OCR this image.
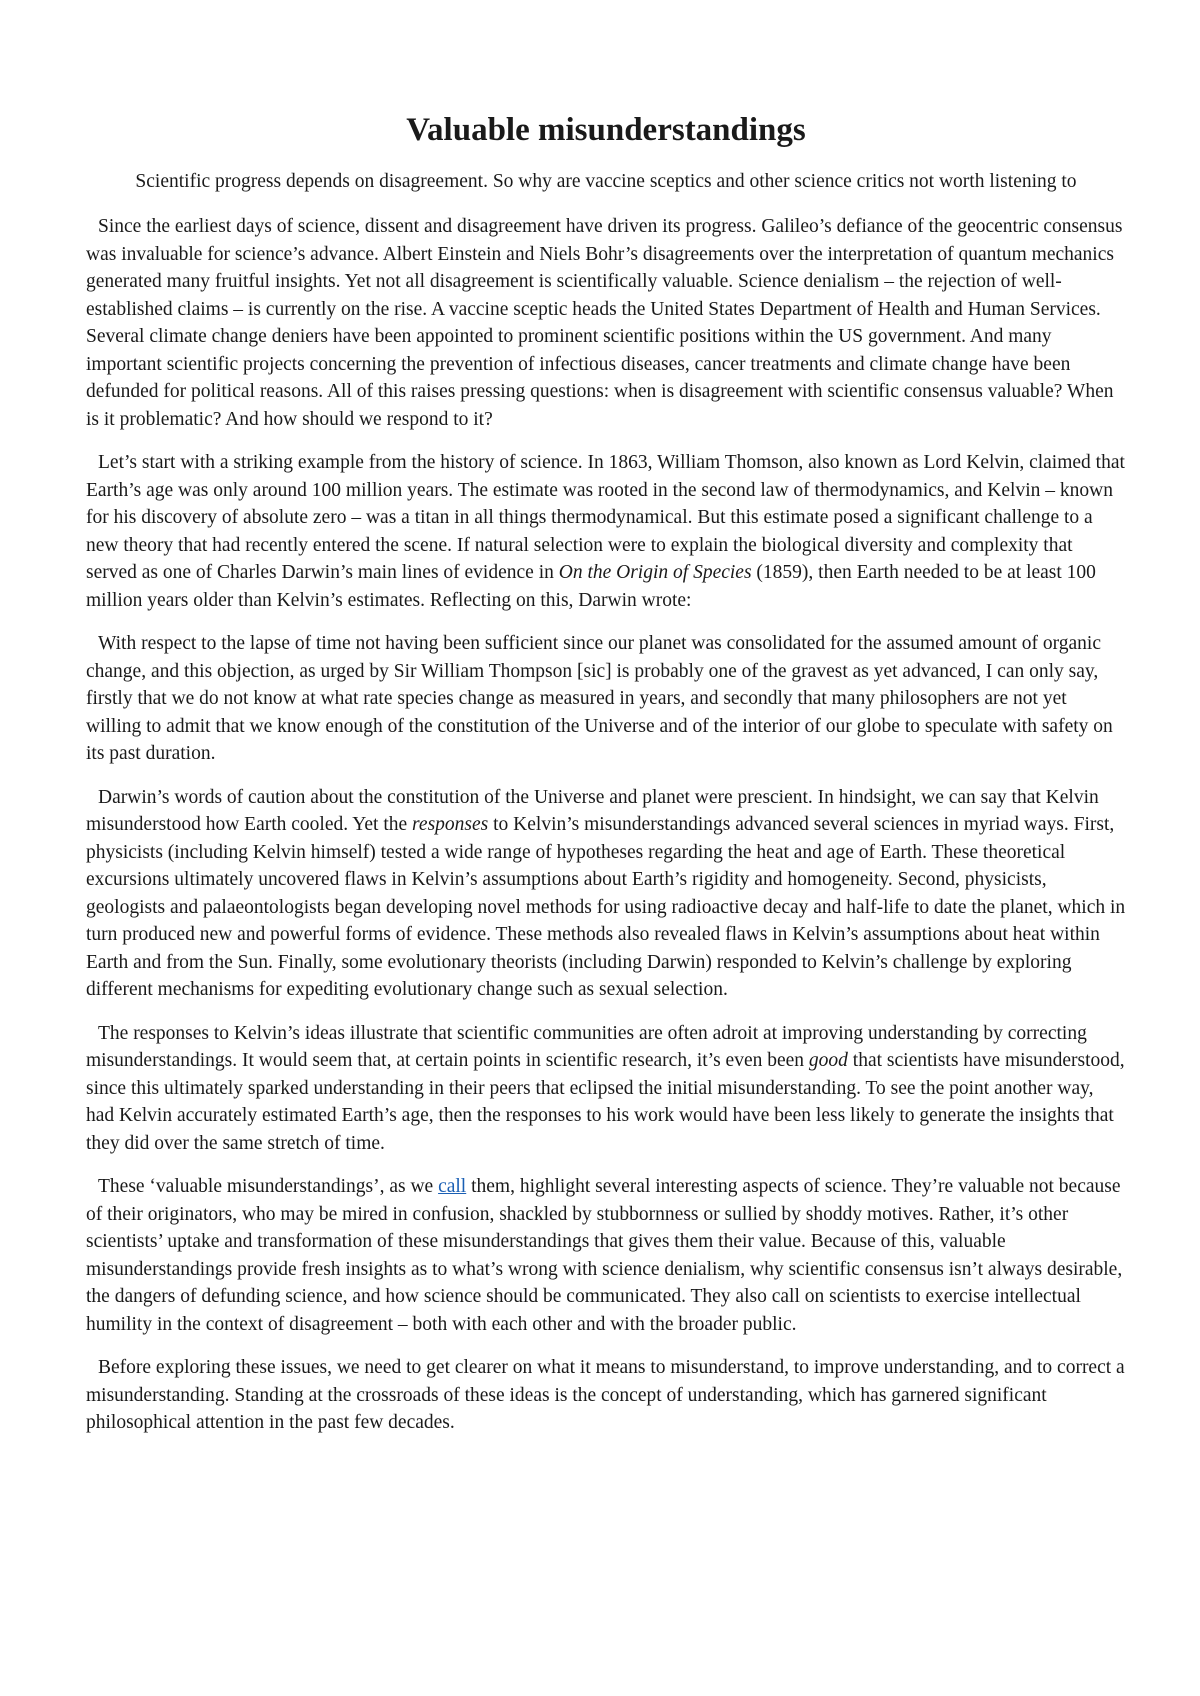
Valuable misunderstandings

Scientific progress depends on disagreement. So why are vaccine sceptics and other science critics not worth listening to

Since the earliest days of science, dissent and disagreement have driven its progress. Galileo’s defiance of the geocentric consensus was invaluable for science’s advance. Albert Einstein and Niels Bohr’s disagreements over the interpretation of quantum mechanics generated many fruitful insights. Yet not all disagreement is scientifically valuable. Science denialism – the rejection of well-established claims – is currently on the rise. A vaccine sceptic heads the United States Department of Health and Human Services. Several climate change deniers have been appointed to prominent scientific positions within the US government. And many important scientific projects concerning the prevention of infectious diseases, cancer treatments and climate change have been defunded for political reasons. All of this raises pressing questions: when is disagreement with scientific consensus valuable? When is it problematic? And how should we respond to it?

Let’s start with a striking example from the history of science. In 1863, William Thomson, also known as Lord Kelvin, claimed that Earth’s age was only around 100 million years. The estimate was rooted in the second law of thermodynamics, and Kelvin – known for his discovery of absolute zero – was a titan in all things thermodynamical. But this estimate posed a significant challenge to a new theory that had recently entered the scene. If natural selection were to explain the biological diversity and complexity that served as one of Charles Darwin’s main lines of evidence in On the Origin of Species (1859), then Earth needed to be at least 100 million years older than Kelvin’s estimates. Reflecting on this, Darwin wrote:

With respect to the lapse of time not having been sufficient since our planet was consolidated for the assumed amount of organic change, and this objection, as urged by Sir William Thompson [sic] is probably one of the gravest as yet advanced, I can only say, firstly that we do not know at what rate species change as measured in years, and secondly that many philosophers are not yet willing to admit that we know enough of the constitution of the Universe and of the interior of our globe to speculate with safety on its past duration.

Darwin’s words of caution about the constitution of the Universe and planet were prescient. In hindsight, we can say that Kelvin misunderstood how Earth cooled. Yet the responses to Kelvin’s misunderstandings advanced several sciences in myriad ways. First, physicists (including Kelvin himself) tested a wide range of hypotheses regarding the heat and age of Earth. These theoretical excursions ultimately uncovered flaws in Kelvin’s assumptions about Earth’s rigidity and homogeneity. Second, physicists, geologists and palaeontologists began developing novel methods for using radioactive decay and half-life to date the planet, which in turn produced new and powerful forms of evidence. These methods also revealed flaws in Kelvin’s assumptions about heat within Earth and from the Sun. Finally, some evolutionary theorists (including Darwin) responded to Kelvin’s challenge by exploring different mechanisms for expediting evolutionary change such as sexual selection.

The responses to Kelvin’s ideas illustrate that scientific communities are often adroit at improving understanding by correcting misunderstandings. It would seem that, at certain points in scientific research, it’s even been good that scientists have misunderstood, since this ultimately sparked understanding in their peers that eclipsed the initial misunderstanding. To see the point another way, had Kelvin accurately estimated Earth’s age, then the responses to his work would have been less likely to generate the insights that they did over the same stretch of time.

These ‘valuable misunderstandings’, as we call them, highlight several interesting aspects of science. They’re valuable not because of their originators, who may be mired in confusion, shackled by stubbornness or sullied by shoddy motives. Rather, it’s other scientists’ uptake and transformation of these misunderstandings that gives them their value. Because of this, valuable misunderstandings provide fresh insights as to what’s wrong with science denialism, why scientific consensus isn’t always desirable, the dangers of defunding science, and how science should be communicated. They also call on scientists to exercise intellectual humility in the context of disagreement – both with each other and with the broader public.

Before exploring these issues, we need to get clearer on what it means to misunderstand, to improve understanding, and to correct a misunderstanding. Standing at the crossroads of these ideas is the concept of understanding, which has garnered significant philosophical attention in the past few decades.
